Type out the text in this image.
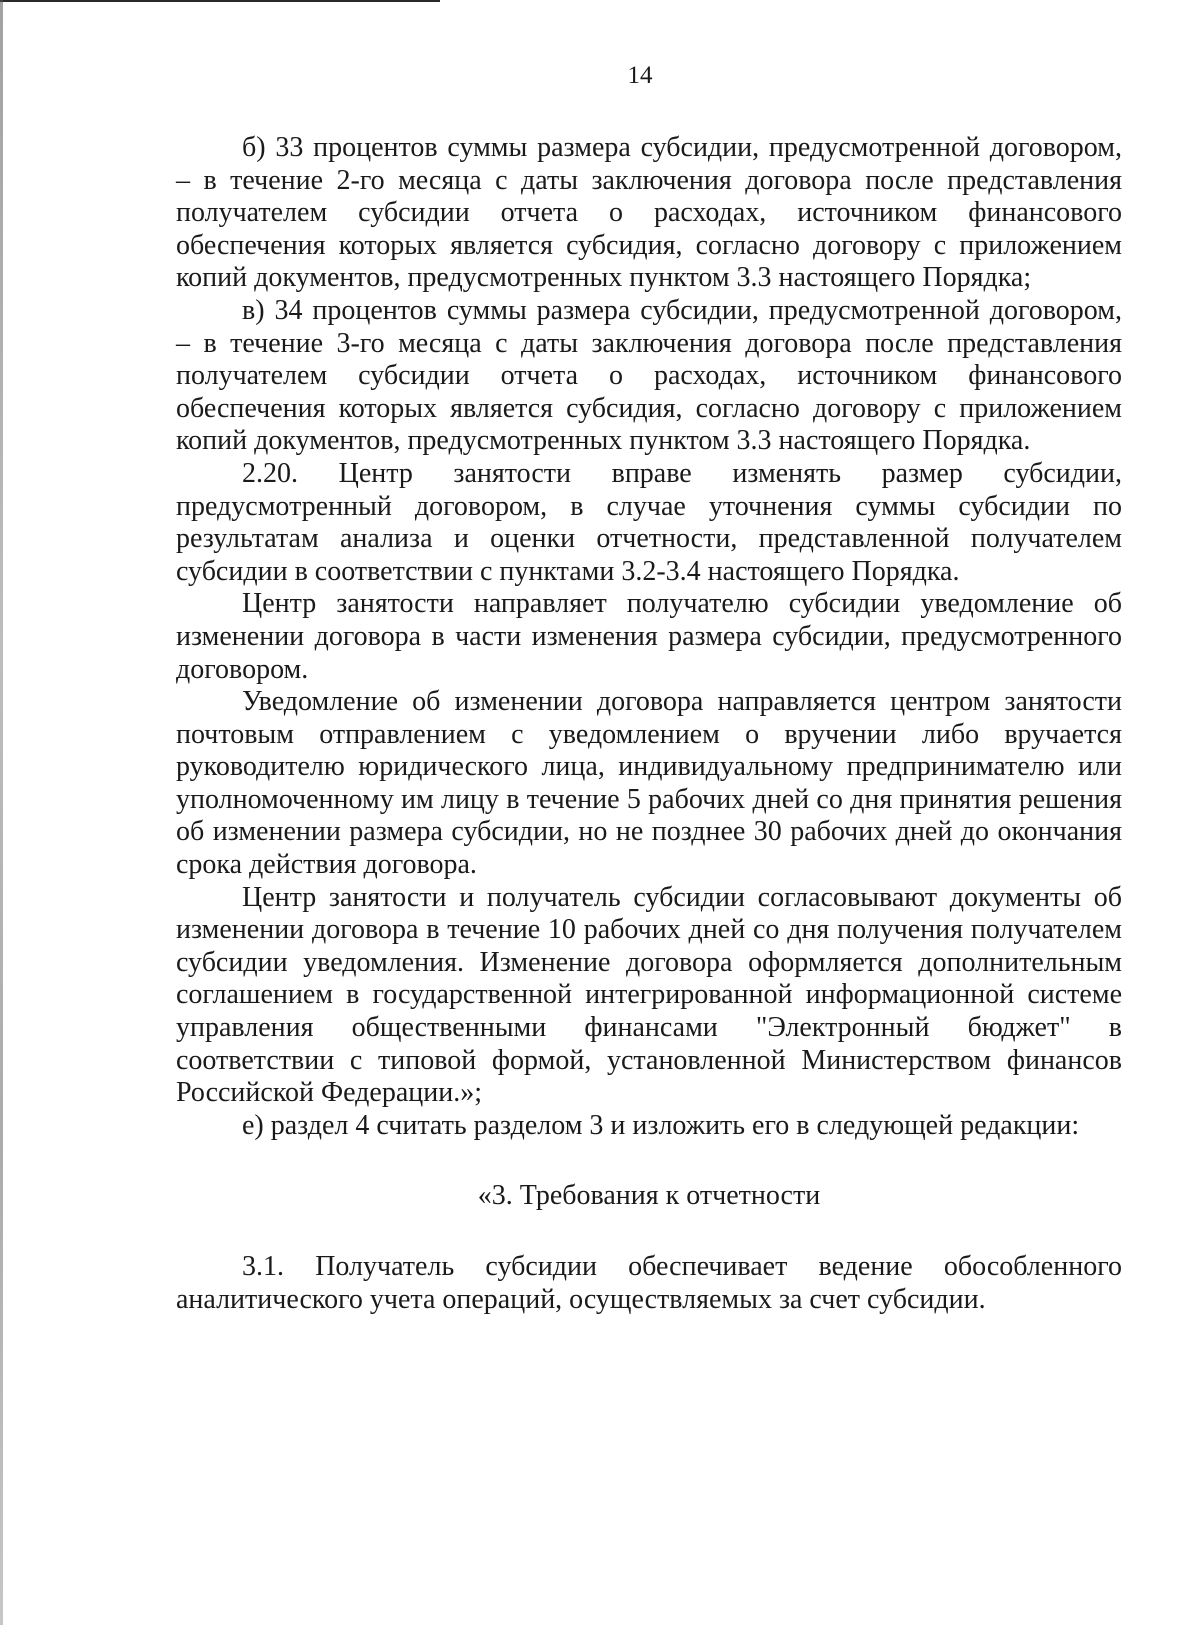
14

б) 33 процентов суммы размера субсидии, предусмотренной договором, – в течение 2-го месяца с даты заключения договора после представления получателем субсидии отчета о расходах, источником финансового обеспечения которых является субсидия, согласно договору с приложением копий документов, предусмотренных пунктом 3.3 настоящего Порядка;

в) 34 процентов суммы размера субсидии, предусмотренной договором, – в течение 3-го месяца с даты заключения договора после представления получателем субсидии отчета о расходах, источником финансового обеспечения которых является субсидия, согласно договору с приложением копий документов, предусмотренных пунктом 3.3 настоящего Порядка.

2.20. Центр занятости вправе изменять размер субсидии, предусмотренный договором, в случае уточнения суммы субсидии по результатам анализа и оценки отчетности, представленной получателем субсидии в соответствии с пунктами 3.2-3.4 настоящего Порядка.

Центр занятости направляет получателю субсидии уведомление об изменении договора в части изменения размера субсидии, предусмотренного договором.

Уведомление об изменении договора направляется центром занятости почтовым отправлением с уведомлением о вручении либо вручается руководителю юридического лица, индивидуальному предпринимателю или уполномоченному им лицу в течение 5 рабочих дней со дня принятия решения об изменении размера субсидии, но не позднее 30 рабочих дней до окончания срока действия договора.

Центр занятости и получатель субсидии согласовывают документы об изменении договора в течение 10 рабочих дней со дня получения получателем субсидии уведомления. Изменение договора оформляется дополнительным соглашением в государственной интегрированной информационной системе управления общественными финансами "Электронный бюджет" в соответствии с типовой формой, установленной Министерством финансов Российской Федерации.»;

е) раздел 4 считать разделом 3 и изложить его в следующей редакции:

«3. Требования к отчетности

3.1. Получатель субсидии обеспечивает ведение обособленного аналитического учета операций, осуществляемых за счет субсидии.
